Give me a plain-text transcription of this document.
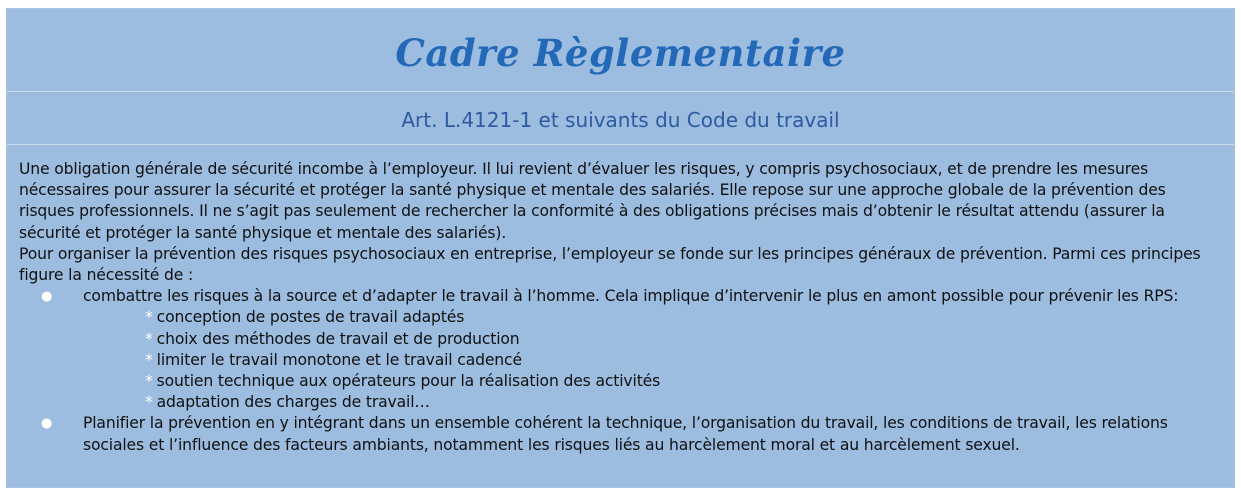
Cadre Règlementaire
Art. L.4121-1 et suivants du Code du travail

Une obligation générale de sécurité incombe à l’employeur. Il lui revient d’évaluer les risques, y compris psychosociaux, et de prendre les mesures nécessaires pour assurer la sécurité et protéger la santé physique et mentale des salariés. Elle repose sur une approche globale de la prévention des risques professionnels. Il ne s’agit pas seulement de rechercher la conformité à des obligations précises mais d’obtenir le résultat attendu (assurer la sécurité et protéger la santé physique et mentale des salariés).

Pour organiser la prévention des risques psychosociaux en entreprise, l’employeur se fonde sur les principes généraux de prévention. Parmi ces principes figure la nécessité de :

● combattre les risques à la source et d’adapter le travail à l’homme. Cela implique d’intervenir le plus en amont possible pour prévenir les RPS:
* conception de postes de travail adaptés
* choix des méthodes de travail et de production
* limiter le travail monotone et le travail cadencé
* soutien technique aux opérateurs pour la réalisation des activités
* adaptation des charges de travail…
● Planifier la prévention en y intégrant dans un ensemble cohérent la technique, l’organisation du travail, les conditions de travail, les relations sociales et l’influence des facteurs ambiants, notamment les risques liés au harcèlement moral et au harcèlement sexuel.
